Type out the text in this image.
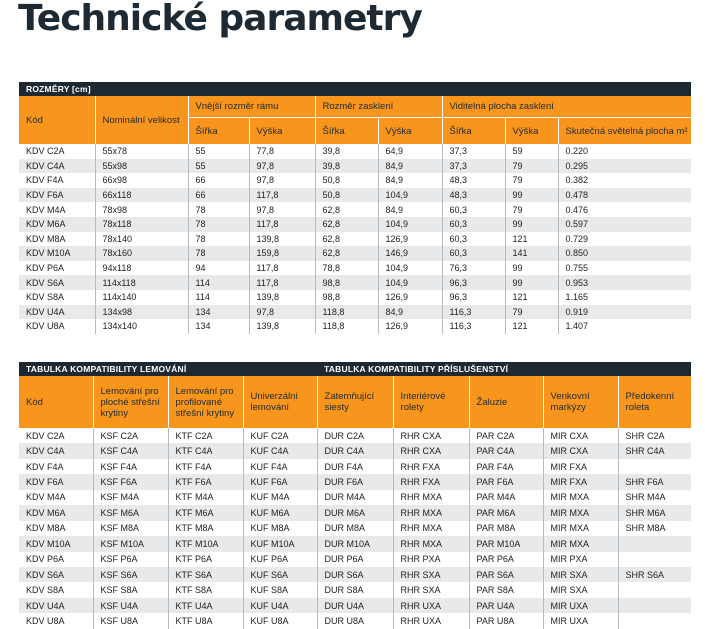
Technické parametry
ROZMĚRY [cm]								
Kód	Nominální velikost	Vnější rozměr rámu		Rozměr zasklení		Viditelná plocha zasklení		
		Šířka	Výška	Šířka	Výška	Šířka	Výška	Skutečná světelná plocha m²
KDV C2A	55x78	55	77,8	39,8	64,9	37,3	59	0.220
KDV C4A	55x98	55	97,8	39,8	84,9	37,3	79	0.295
KDV F4A	66x98	66	97,8	50,8	84,9	48,3	79	0.382
KDV F6A	66x118	66	117,8	50,8	104,9	48,3	99	0.478
KDV M4A	78x98	78	97,8	62,8	84,9	60,3	79	0.476
KDV M6A	78x118	78	117,8	62,8	104,9	60,3	99	0.597
KDV M8A	78x140	78	139,8	62,8	126,9	60,3	121	0.729
KDV M10A	78x160	78	159,8	62,8	146,9	60,3	141	0.850
KDV P6A	94x118	94	117,8	78,8	104,9	76,3	99	0.755
KDV S6A	114x118	114	117,8	98,8	104,9	96,3	99	0.953
KDV S8A	114x140	114	139,8	98,8	126,9	96,3	121	1.165
KDV U4A	134x98	134	97,8	118,8	84,9	116,3	79	0.919
KDV U8A	134x140	134	139,8	118,8	126,9	116,3	121	1.407
TABULKA KOMPATIBILITY LEMOVÁNÍ				TABULKA KOMPATIBILITY PŘÍSLUŠENSTVÍ				
Kód	Lemování pro ploché střešní krytiny	Lemování pro profilované střešní krytiny	Univerzální lemování	Zatemňující siesty	Interiérové rolety	Žaluzie	Venkovní markýzy	Předokenní roleta
KDV C2A	KSF C2A	KTF C2A	KUF C2A	DUR C2A	RHR CXA	PAR C2A	MIR CXA	SHR C2A
KDV C4A	KSF C4A	KTF C4A	KUF C4A	DUR C4A	RHR CXA	PAR C4A	MIR CXA	SHR C4A
KDV F4A	KSF F4A	KTF F4A	KUF F4A	DUR F4A	RHR FXA	PAR F4A	MIR FXA	
KDV F6A	KSF F6A	KTF F6A	KUF F6A	DUR F6A	RHR FXA	PAR F6A	MIR FXA	SHR F6A
KDV M4A	KSF M4A	KTF M4A	KUF M4A	DUR M4A	RHR MXA	PAR M4A	MIR MXA	SHR M4A
KDV M6A	KSF M6A	KTF M6A	KUF M6A	DUR M6A	RHR MXA	PAR M6A	MIR MXA	SHR M6A
KDV M8A	KSF M8A	KTF M8A	KUF M8A	DUR M8A	RHR MXA	PAR M8A	MIR MXA	SHR M8A
KDV M10A	KSF M10A	KTF M10A	KUF M10A	DUR M10A	RHR MXA	PAR M10A	MIR MXA	
KDV P6A	KSF P6A	KTF P6A	KUF P6A	DUR P6A	RHR PXA	PAR P6A	MIR PXA	
KDV S6A	KSF S6A	KTF S6A	KUF S6A	DUR S6A	RHR SXA	PAR S6A	MIR SXA	SHR S6A
KDV S8A	KSF S8A	KTF S8A	KUF S8A	DUR S8A	RHR SXA	PAR S8A	MIR SXA	
KDV U4A	KSF U4A	KTF U4A	KUF U4A	DUR U4A	RHR UXA	PAR U4A	MIR UXA	
KDV U8A	KSF U8A	KTF U8A	KUF U8A	DUR U8A	RHR UXA	PAR U8A	MIR UXA	
